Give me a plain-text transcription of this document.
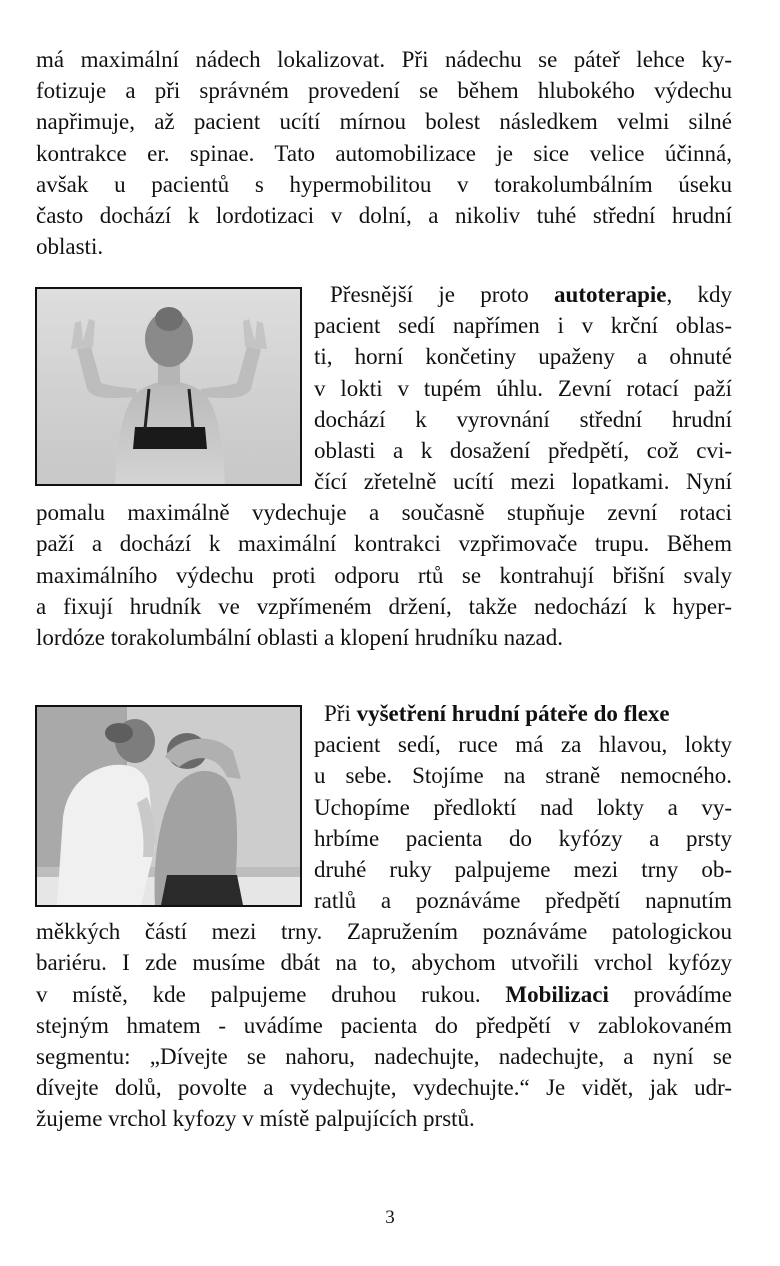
má maximální nádech lokalizovat. Při nádechu se páteř lehce ky-
fotizuje a při správném provedení se během hlubokého výdechu
napřimuje, až pacient ucítí mírnou bolest následkem velmi silné
kontrakce er. spinae. Tato automobilizace je sice velice účinná,
avšak u pacientů s hypermobilitou v torakolumbálním úseku
často dochází k lordotizaci v dolní, a nikoliv tuhé střední hrudní
oblasti.
Přesnější je proto autoterapie, kdy
pacient sedí napřímen i v krční oblas-
ti, horní končetiny upaženy a ohnuté
v lokti v tupém úhlu. Zevní rotací paží
dochází k vyrovnání střední hrudní
oblasti a k dosažení předpětí, což cvi-
čící zřetelně ucítí mezi lopatkami. Nyní
pomalu maximálně vydechuje a současně stupňuje zevní rotaci
paží a dochází k maximální kontrakci vzpřimovače trupu. Během
maximálního výdechu proti odporu rtů se kontrahují břišní svaly
a fixují hrudník ve vzpřímeném držení, takže nedochází k hyper-
lordóze torakolumbální oblasti a klopení hrudníku nazad.
Při vyšetření hrudní páteře do flexe
pacient sedí, ruce má za hlavou, lokty
u sebe. Stojíme na straně nemocného.
Uchopíme předloktí nad lokty a vy-
hrbíme pacienta do kyfózy a prsty
druhé ruky palpujeme mezi trny ob-
ratlů a poznáváme předpětí napnutím
měkkých částí mezi trny. Zapružením poznáváme patologickou
bariéru. I zde musíme dbát na to, abychom utvořili vrchol kyfózy
v místě, kde palpujeme druhou rukou. Mobilizaci provádíme
stejným hmatem - uvádíme pacienta do předpětí v zablokovaném
segmentu: „Dívejte se nahoru, nadechujte, nadechujte, a nyní se
dívejte dolů, povolte a vydechujte, vydechujte.“ Je vidět, jak udr-
žujeme vrchol kyfozy v místě palpujících prstů.
3
